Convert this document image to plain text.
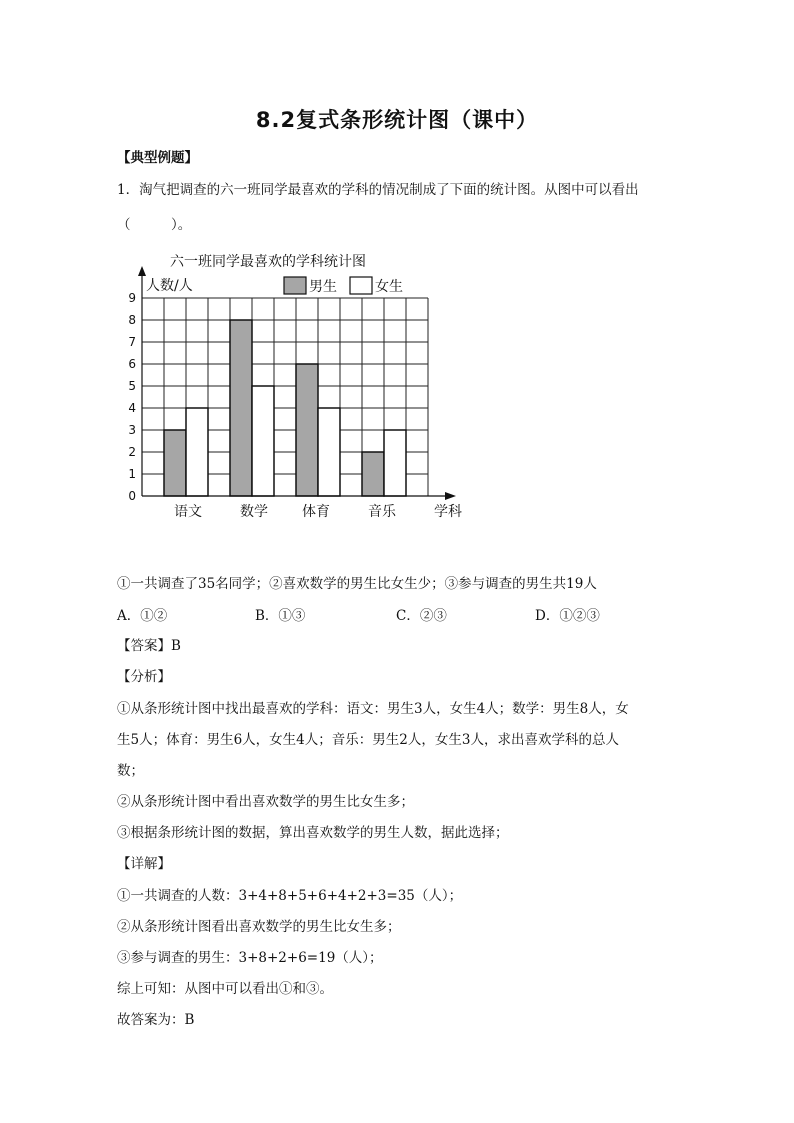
8.2复式条形统计图（课中）
【典型例题】
1．淘气把调查的六一班同学最喜欢的学科的情况制成了下面的统计图。从图中可以看出
（　　　）。
六一班同学最喜欢的学科统计图
人数/人
学科
0
1
2
3
4
5
6
7
8
9
语文	数学 体育	音乐
男生	女生
①一共调查了35名同学；②喜欢数学的男生比女生少；③参与调查的男生共19人
A．①②	B．①③	C．②③	D．①②③
【答案】B
【分析】
①从条形统计图中找出最喜欢的学科：语文：男生3人，女生4人；数学：男生8人，女
生5人；体育：男生6人，女生4人；音乐：男生2人，女生3人，求出喜欢学科的总人
数；
②从条形统计图中看出喜欢数学的男生比女生多；
③根据条形统计图的数据，算出喜欢数学的男生人数，据此选择；
【详解】
①一共调查的人数：3+4+8+5+6+4+2+3=35（人）；
②从条形统计图看出喜欢数学的男生比女生多；
③参与调查的男生：3+8+2+6=19（人）；
综上可知：从图中可以看出①和③。
故答案为：B
